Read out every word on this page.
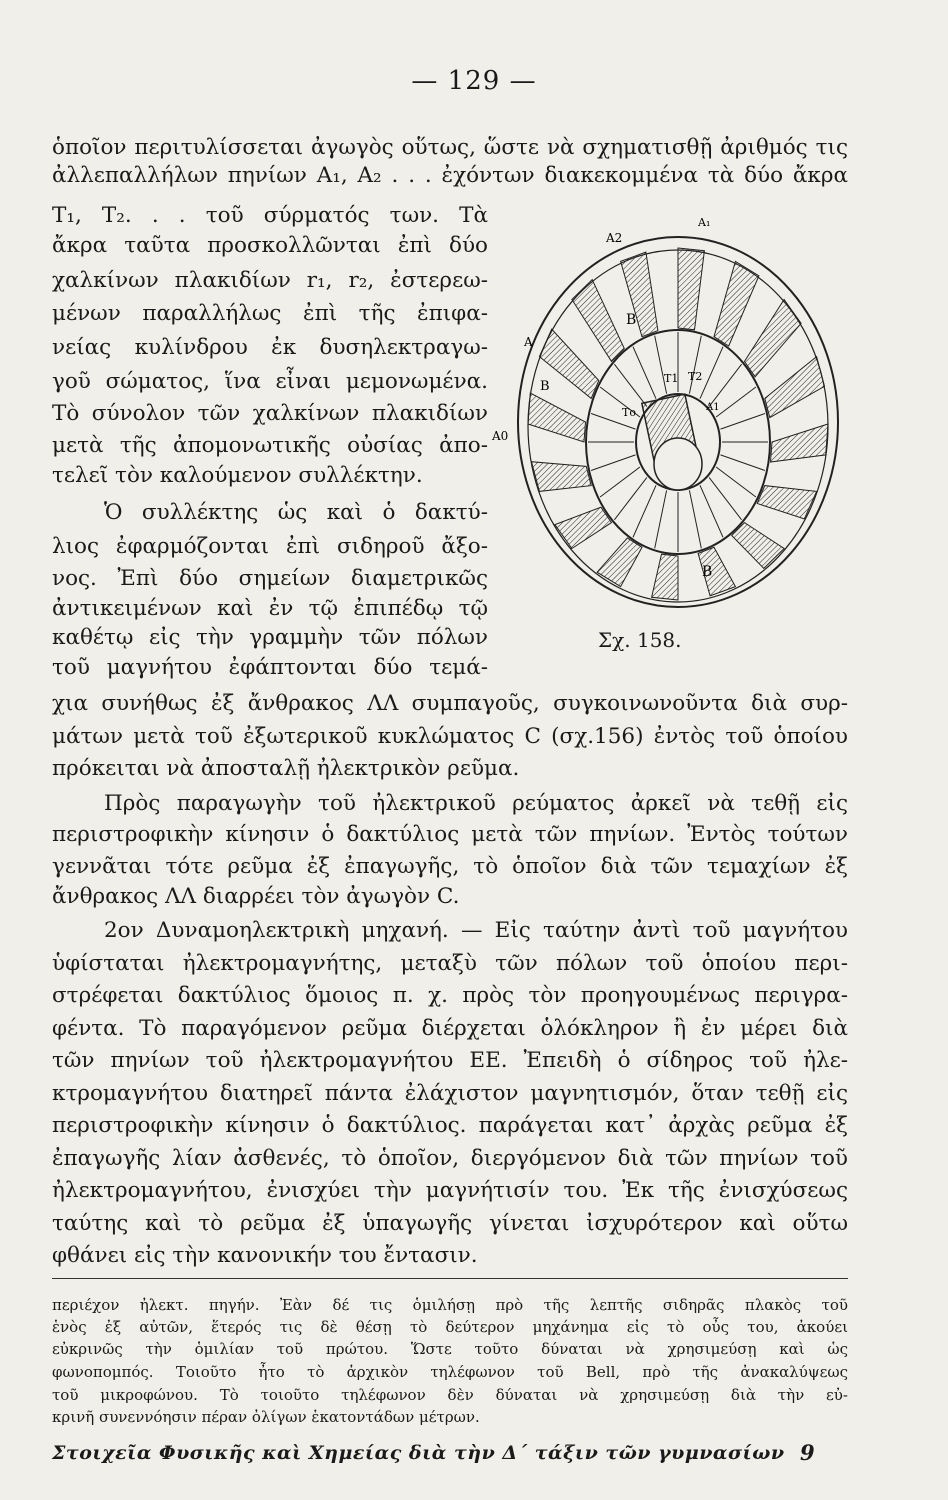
— 129 —
ὁποῖον περιτυλίσσεται ἀγωγὸς οὕτως, ὥστε νὰ σχηματισθῇ ἀριθμός τις
ἀλλεπαλλήλων πηνίων Α₁, Α₂ . . . ἐχόντων διακεκομμένα τὰ δύο ἄκρα
Τ₁, Τ₂. . . τοῦ σύρματός των. Τὰ
ἄκρα ταῦτα προσκολλῶνται ἐπὶ δύο
χαλκίνων πλακιδίων r₁, r₂, ἐστερεω-
μένων παραλλήλως ἐπὶ τῆς ἐπιφα-
νείας κυλίνδρου ἐκ δυσηλεκτραγω-
γοῦ σώματος, ἵνα εἶναι μεμονωμένα.
Τὸ σύνολον τῶν χαλκίνων πλακιδίων
μετὰ τῆς ἀπομονωτικῆς οὐσίας ἀπο-
τελεῖ τὸν καλούμενον συλλέκτην.
Ὁ συλλέκτης ὡς καὶ ὁ δακτύ-
λιος ἐφαρμόζονται ἐπὶ σιδηροῦ ἄξο-
νος. Ἐπὶ δύο σημείων διαμετρικῶς
ἀντικειμένων καὶ ἐν τῷ ἐπιπέδῳ τῷ
καθέτῳ εἰς τὴν γραμμὴν τῶν πόλων
τοῦ μαγνήτου ἐφάπτονται δύο τεμά-
χια συνήθως ἐξ ἄνθρακος ΛΛ συμπαγοῦς, συγκοινωνοῦντα διὰ συρ-
μάτων μετὰ τοῦ ἐξωτερικοῦ κυκλώματος C (σχ.156) ἐντὸς τοῦ ὁποίου
πρόκειται νὰ ἀποσταλῇ ἠλεκτρικὸν ρεῦμα.
Πρὸς παραγωγὴν τοῦ ἠλεκτρικοῦ ρεύματος ἀρκεῖ νὰ τεθῇ εἰς
περιστροφικὴν κίνησιν ὁ δακτύλιος μετὰ τῶν πηνίων. Ἐντὸς τούτων
γεννᾶται τότε ρεῦμα ἐξ ἐπαγωγῆς, τὸ ὁποῖον διὰ τῶν τεμαχίων ἐξ
ἄνθρακος ΛΛ διαρρέει τὸν ἀγωγὸν C.
2ον Δυναμοηλεκτρικὴ μηχανή. — Εἰς ταύτην ἀντὶ τοῦ μαγνήτου
ὑφίσταται ἠλεκτρομαγνήτης, μεταξὺ τῶν πόλων τοῦ ὁποίου περι-
στρέφεται δακτύλιος ὅμοιος π. χ. πρὸς τὸν προηγουμένως περιγρα-
φέντα. Τὸ παραγόμενον ρεῦμα διέρχεται ὁλόκληρον ἢ ἐν μέρει διὰ
τῶν πηνίων τοῦ ἠλεκτρομαγνήτου ΕΕ. Ἐπειδὴ ὁ σίδηρος τοῦ ἠλε-
κτρομαγνήτου διατηρεῖ πάντα ἐλάχιστον μαγνητισμόν, ὅταν τεθῇ εἰς
περιστροφικὴν κίνησιν ὁ δακτύλιος. παράγεται κατ᾽ ἀρχὰς ρεῦμα ἐξ
ἐπαγωγῆς λίαν ἀσθενές, τὸ ὁποῖον, διεργόμενον διὰ τῶν πηνίων τοῦ
ἠλεκτρομαγνήτου, ἐνισχύει τὴν μαγνήτισίν του. Ἐκ τῆς ἐνισχύσεως
ταύτης καὶ τὸ ρεῦμα ἐξ ὑπαγωγῆς γίνεται ἰσχυρότερον καὶ οὕτω
φθάνει εἰς τὴν κανονικήν του ἔντασιν.
Α2
Α₁
Α
Α0
Β
Β
Β
Τ1 Τ2
Το	Α1
Σχ. 158.
περιέχον ἠλεκτ. πηγήν. Ἐὰν δέ τις ὁμιλήσῃ πρὸ τῆς λεπτῆς σιδηρᾶς πλακὸς τοῦ
ἑνὸς ἐξ αὐτῶν, ἕτερός τις δὲ θέσῃ τὸ δεύτερον μηχάνημα εἰς τὸ οὖς του, ἀκούει
εὐκρινῶς τὴν ὁμιλίαν τοῦ πρώτου. Ὥστε τοῦτο δύναται νὰ χρησιμεύσῃ καὶ ὡς
φωνοπομπός. Τοιοῦτο ἦτο τὸ ἀρχικὸν τηλέφωνον τοῦ Bell, πρὸ τῆς ἀνακαλύψεως
τοῦ μικροφώνου. Τὸ τοιοῦτο τηλέφωνον δὲν δύναται νὰ χρησιμεύσῃ διὰ τὴν εὐ-
κρινῆ συνεννόησιν πέραν ὀλίγων ἑκατοντάδων μέτρων.
Στοιχεῖα Φυσικῆς καὶ Χημείας διὰ τὴν Δ´ τάξιν τῶν γυμνασίων 9
